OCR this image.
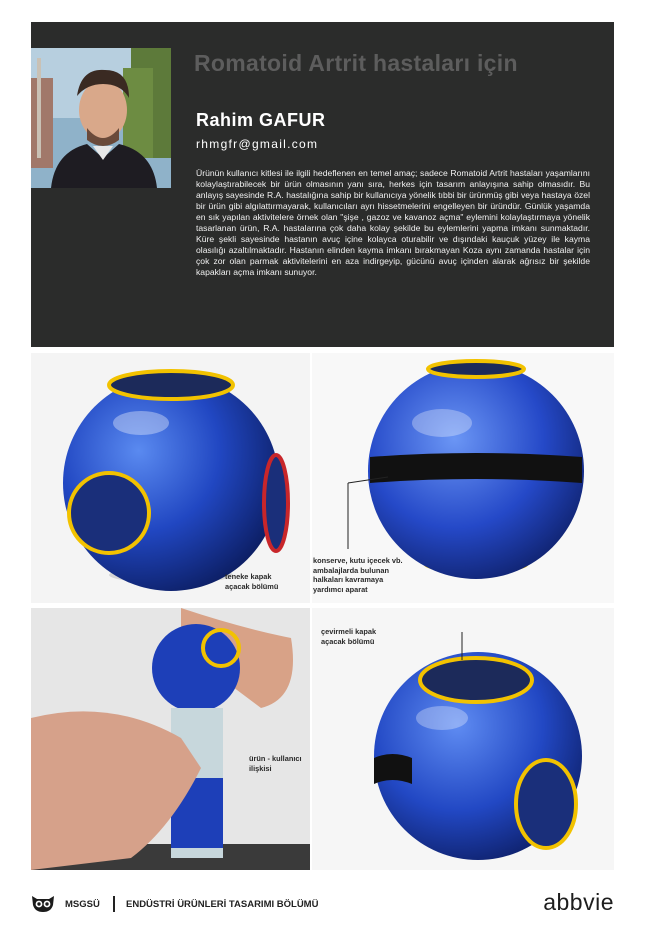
Romatoid Artrit hastaları için
Rahim GAFUR
rhmgfr@gmail.com
Ürünün kullanıcı kitlesi ile ilgili hedeflenen en temel amaç; sadece Romatoid Artrit hastaları yaşamlarını kolaylaştırabilecek bir ürün olmasının yanı sıra, herkes için tasarım anlayışına sahip olmasıdır. Bu anlayış sayesinde R.A. hastalığına sahip bir kullanıcıya yönelik tıbbi bir ürünmüş gibi veya hastaya özel bir ürün gibi algılattırmayarak, kullanıcıları ayrı hissetmelerini engelleyen bir üründür. Günlük yaşamda en sık yapılan aktivitelere örnek olan "şişe , gazoz ve kavanoz açma" eylemini kolaylaştırmaya yönelik tasarlanan ürün, R.A. hastalarına çok daha kolay şekilde bu eylemlerini yapma imkanı sunmaktadır. Küre şekli sayesinde hastanın avuç içine kolayca oturabilir ve dışındaki kauçuk yüzey ile kayma olasılığı azaltılmaktadır. Hastanın elinden kayma imkanı bırakmayan Koza aynı zamanda hastalar için çok zor olan parmak aktivitelerini en aza indirgeyip, gücünü avuç içinden alarak ağrısız bir şekilde kapakları açma imkanı sunuyor.
teneke kapak
açacak bölümü
konserve, kutu içecek vb.
ambalajlarda bulunan
halkaları kavramaya
yardımcı aparat
ürün - kullanıcı
ilişkisi
çevirmeli kapak
açacak bölümü
MSGSÜ	ENDÜSTRİ ÜRÜNLERİ TASARIMI BÖLÜMÜ	abbvie
